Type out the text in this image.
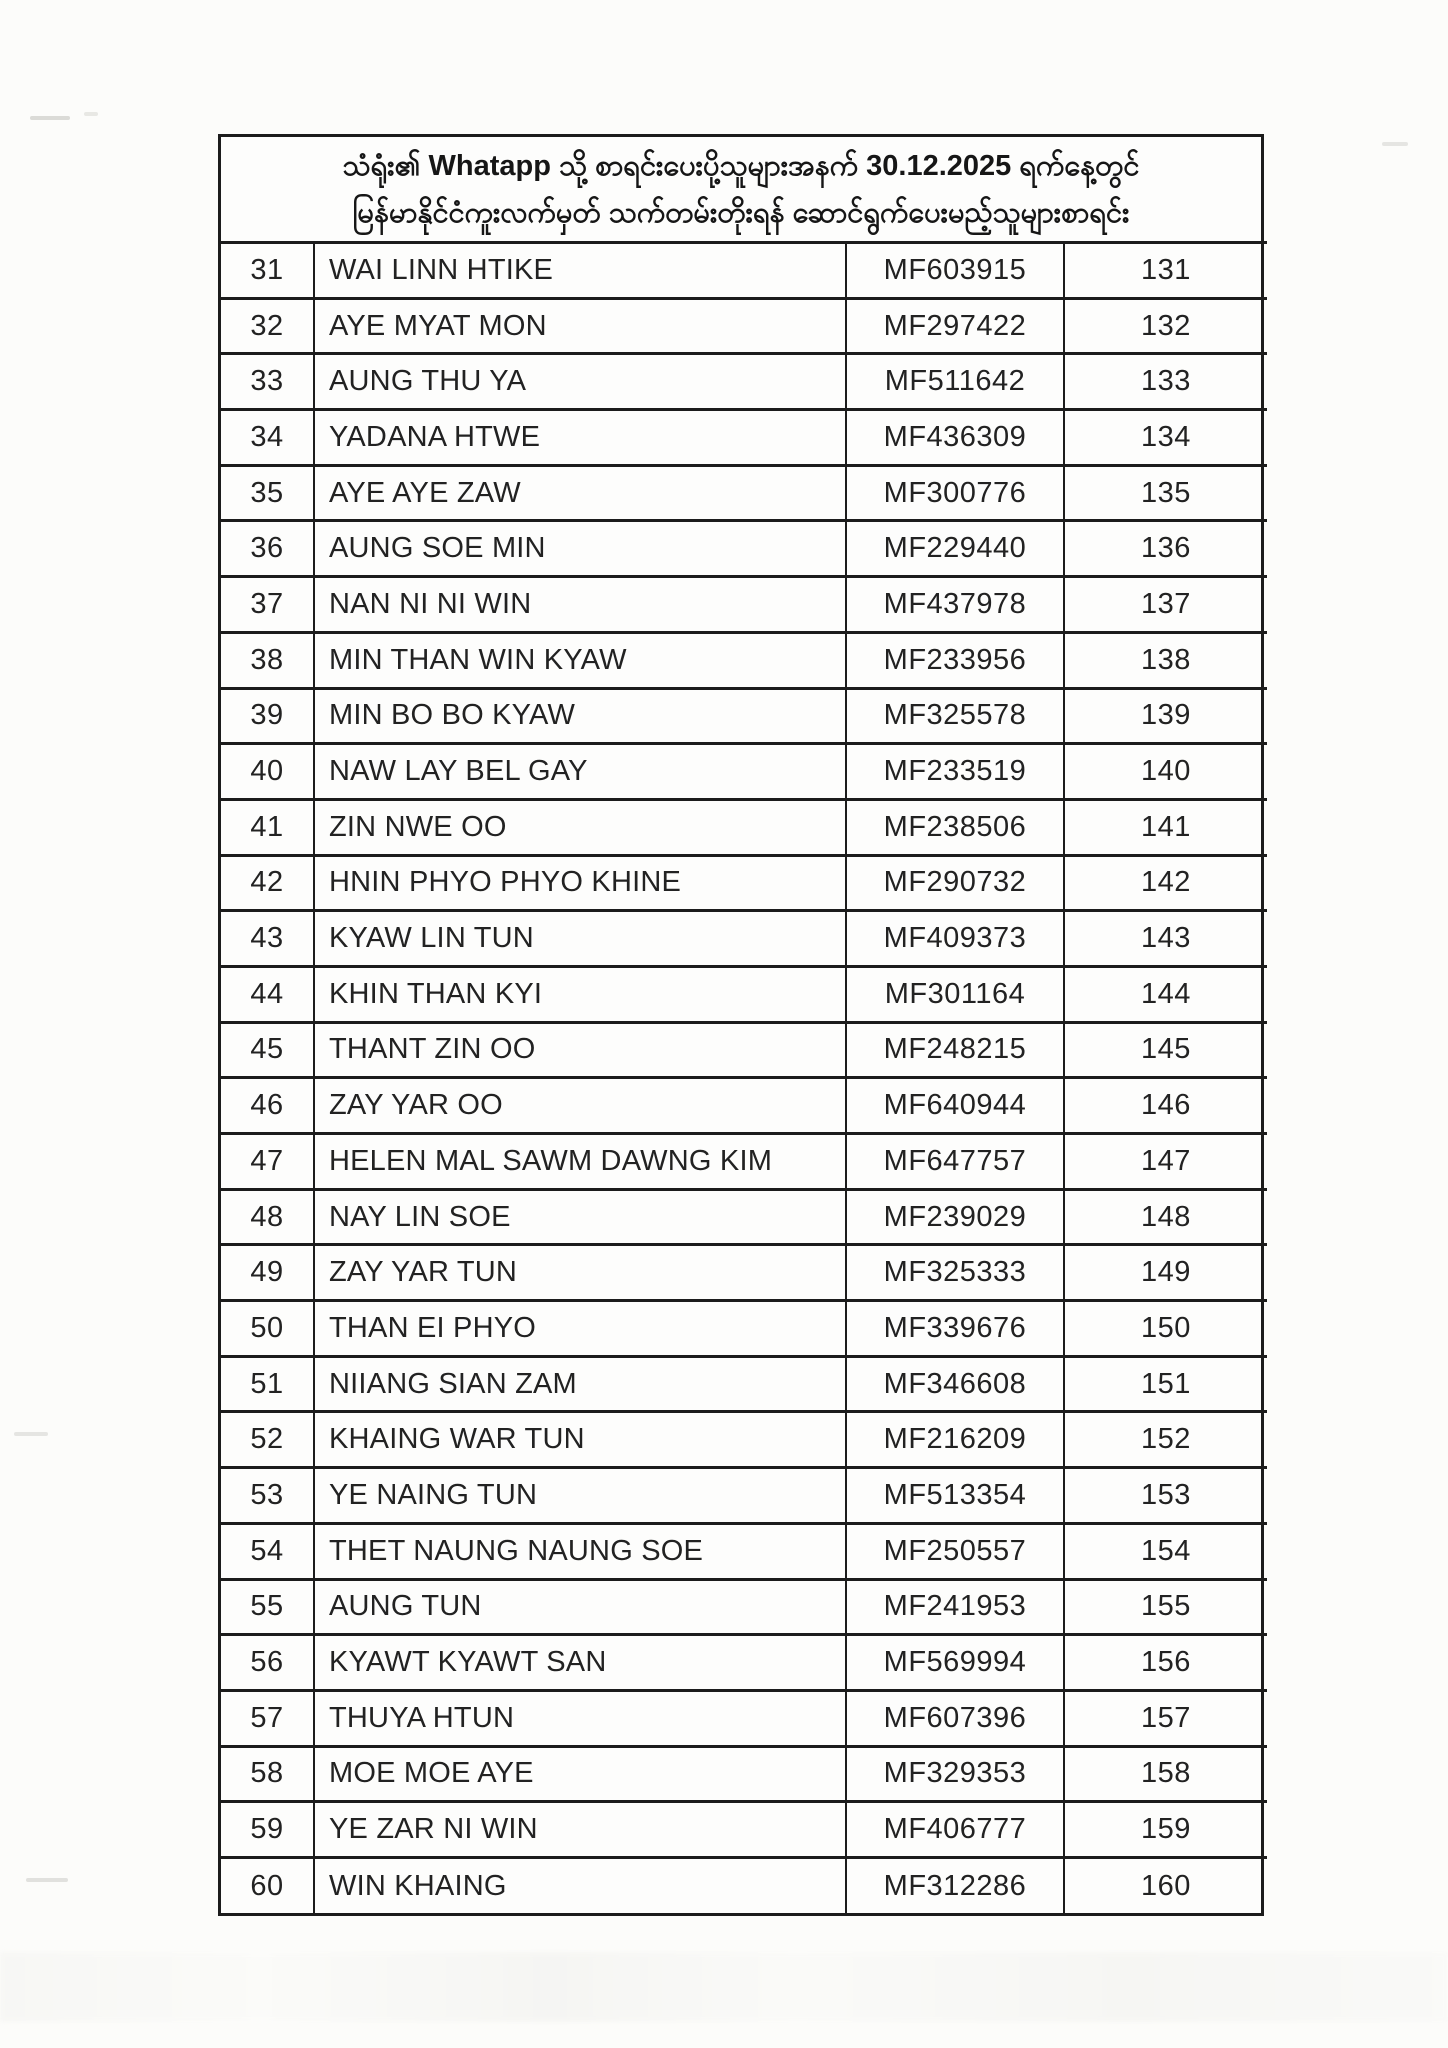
သံရုံး၏ Whatapp သို့ စာရင်းပေးပို့သူများအနက် 30.12.2025 ရက်နေ့တွင်
မြန်မာနိုင်ငံကူးလက်မှတ် သက်တမ်းတိုးရန် ဆောင်ရွက်ပေးမည့်သူများစာရင်း
31	WAI LINN HTIKE	MF603915	131
32	AYE MYAT MON	MF297422	132
33	AUNG THU YA	MF511642	133
34	YADANA HTWE	MF436309	134
35	AYE AYE ZAW	MF300776	135
36	AUNG SOE MIN	MF229440	136
37	NAN NI NI WIN	MF437978	137
38	MIN THAN WIN KYAW	MF233956	138
39	MIN BO BO KYAW	MF325578	139
40	NAW LAY BEL GAY	MF233519	140
41	ZIN NWE OO	MF238506	141
42	HNIN PHYO PHYO KHINE	MF290732	142
43	KYAW LIN TUN	MF409373	143
44	KHIN THAN KYI	MF301164	144
45	THANT ZIN OO	MF248215	145
46	ZAY YAR OO	MF640944	146
47	HELEN MAL SAWM DAWNG KIM	MF647757	147
48	NAY LIN SOE	MF239029	148
49	ZAY YAR TUN	MF325333	149
50	THAN EI PHYO	MF339676	150
51	NIIANG SIAN ZAM	MF346608	151
52	KHAING WAR TUN	MF216209	152
53	YE NAING TUN	MF513354	153
54	THET NAUNG NAUNG SOE	MF250557	154
55	AUNG TUN	MF241953	155
56	KYAWT KYAWT SAN	MF569994	156
57	THUYA HTUN	MF607396	157
58	MOE MOE AYE	MF329353	158
59	YE ZAR NI WIN	MF406777	159
60	WIN KHAING	MF312286	160
